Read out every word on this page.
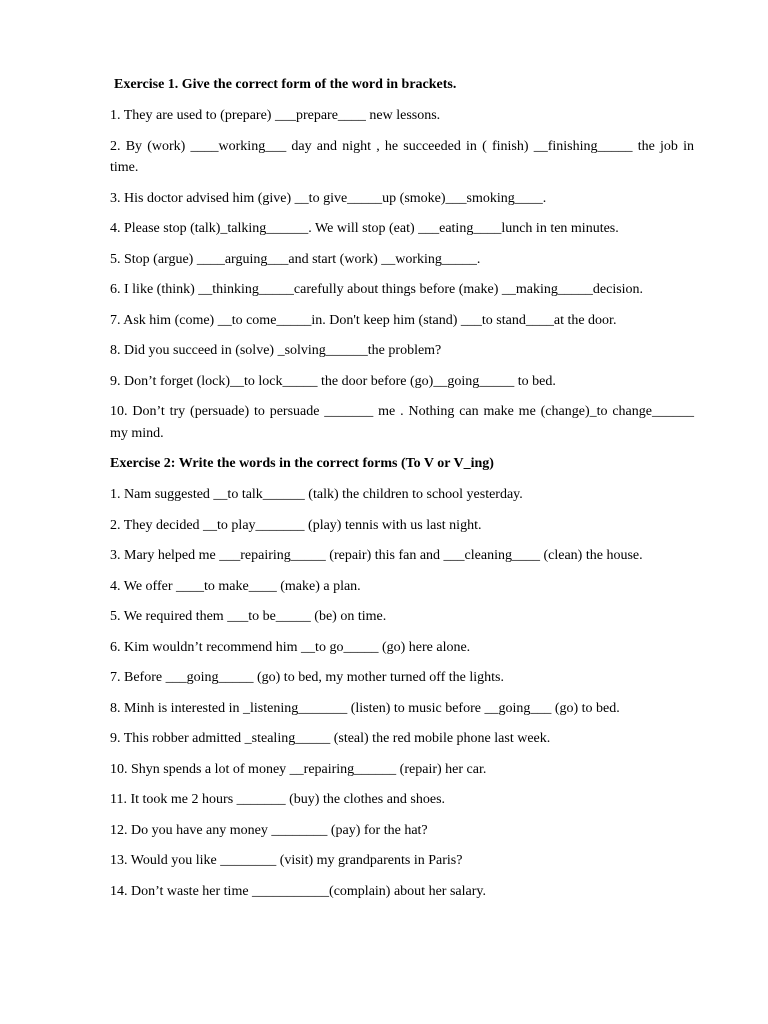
Exercise 1. Give the correct form of the word in brackets.
1. They are used to (prepare) ___prepare____ new lessons.
2. By (work) ____working___ day and night , he succeeded in ( finish) __finishing_____ the job in time.
3. His doctor advised him (give) __to give_____up (smoke)___smoking____.
4. Please stop (talk)_talking______. We will stop (eat) ___eating____lunch in ten minutes.
5. Stop (argue) ____arguing___and start (work) __working_____.
6. I like (think) __thinking_____carefully about things before (make) __making_____decision.
7. Ask him (come) __to come_____in. Don't keep him (stand) ___to stand____at the door.
8. Did you succeed in (solve) _solving______the problem?
9. Don’t forget (lock)__to lock_____ the door before (go)__going_____ to bed.
10. Don’t try (persuade) to persuade _______ me . Nothing can make me (change)_to change______ my mind.
Exercise 2: Write the words in the correct forms (To V or V_ing)
1. Nam suggested __to talk______ (talk) the children to school yesterday.
2. They decided __to play_______ (play) tennis with us last night.
3. Mary helped me ___repairing_____ (repair) this fan and ___cleaning____ (clean) the house.
4. We offer ____to make____ (make) a plan.
5. We required them ___to be_____ (be) on time.
6. Kim wouldn’t recommend him __to go_____ (go) here alone.
7. Before ___going_____ (go) to bed, my mother turned off the lights.
8. Minh is interested in _listening_______ (listen) to music before __going___ (go) to bed.
9. This robber admitted _stealing_____ (steal) the red mobile phone last week.
10. Shyn spends a lot of money __repairing______ (repair) her car.
11. It took me 2 hours _______ (buy) the clothes and shoes.
12. Do you have any money ________ (pay) for the hat?
13. Would you like ________ (visit) my grandparents in Paris?
14. Don’t waste her time ___________(complain) about her salary.
